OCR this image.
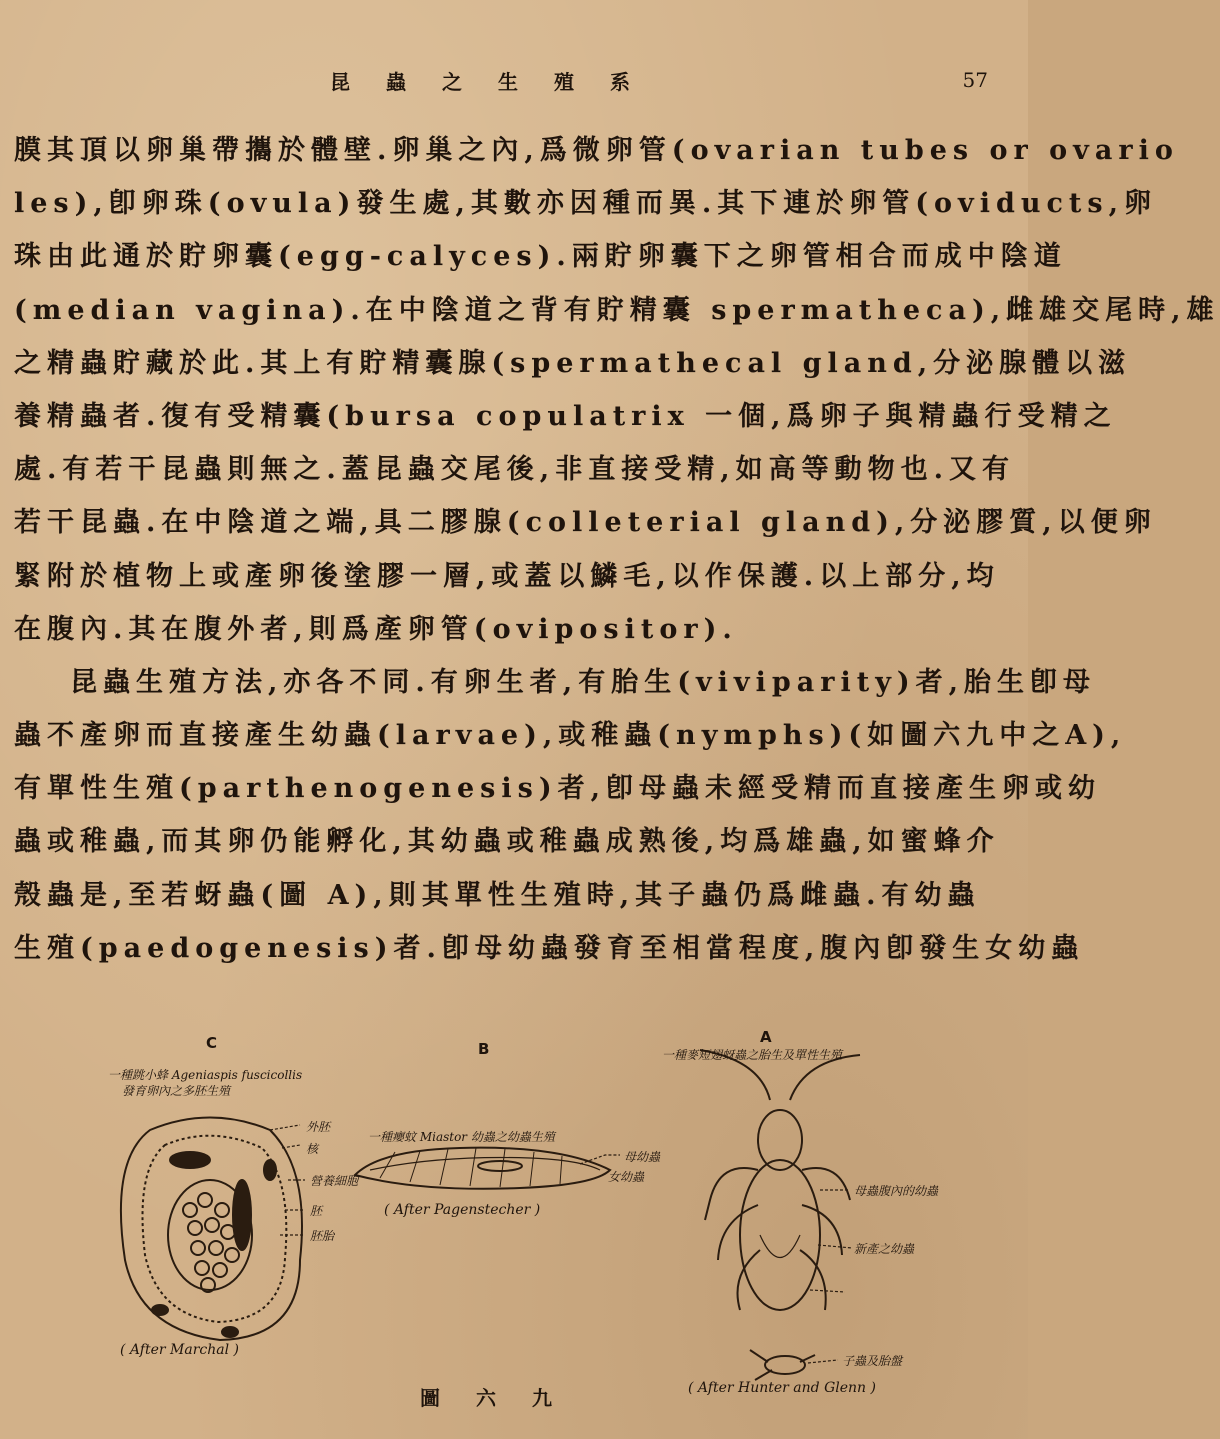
昆蟲之生殖系	57
膜其頂以卵巢帶攜於體壁.卵巢之內,爲微卵管(ovarian tubes or ovario
les),卽卵珠(ovula)發生處,其數亦因種而異.其下連於卵管(oviducts,卵
珠由此通於貯卵囊(egg-calyces).兩貯卵囊下之卵管相合而成中陰道
(median vagina).在中陰道之背有貯精囊 spermatheca),雌雄交尾時,雄
之精蟲貯藏於此.其上有貯精囊腺(spermathecal gland,分泌腺體以滋
養精蟲者.復有受精囊(bursa copulatrix 一個,爲卵子與精蟲行受精之
處.有若干昆蟲則無之.蓋昆蟲交尾後,非直接受精,如高等動物也.又有
若干昆蟲.在中陰道之端,具二膠腺(colleterial gland),分泌膠質,以便卵
緊附於植物上或產卵後塗膠一層,或蓋以鱗毛,以作保護.以上部分,均
在腹內.其在腹外者,則爲產卵管(ovipositor).
昆蟲生殖方法,亦各不同.有卵生者,有胎生(viviparity)者,胎生卽母
蟲不產卵而直接產生幼蟲(larvae),或稚蟲(nymphs)(如圖六九中之A),
有單性生殖(parthenogenesis)者,卽母蟲未經受精而直接產生卵或幼
蟲或稚蟲,而其卵仍能孵化,其幼蟲或稚蟲成熟後,均爲雄蟲,如蜜蜂介
殼蟲是,至若蚜蟲(圖 A),則其單性生殖時,其子蟲仍爲雌蟲.有幼蟲
生殖(paedogenesis)者.卽母幼蟲發育至相當程度,腹內卽發生女幼蟲
C	B
A
一種跳小蜂 Ageniaspis fuscicollis
發育卵內之多胚生殖
外胚
核
營養細胞
胚
胚胎
( After Marchal )
一種癭蚊 Miastor 幼蟲之幼蟲生殖
母幼蟲
女幼蟲
( After Pagenstecher )
一種麥短翅蚜蟲之胎生及單性生殖
母蟲腹內的幼蟲
新產之幼蟲
子蟲及胎盤
( After Hunter and Glenn )
圖六九
